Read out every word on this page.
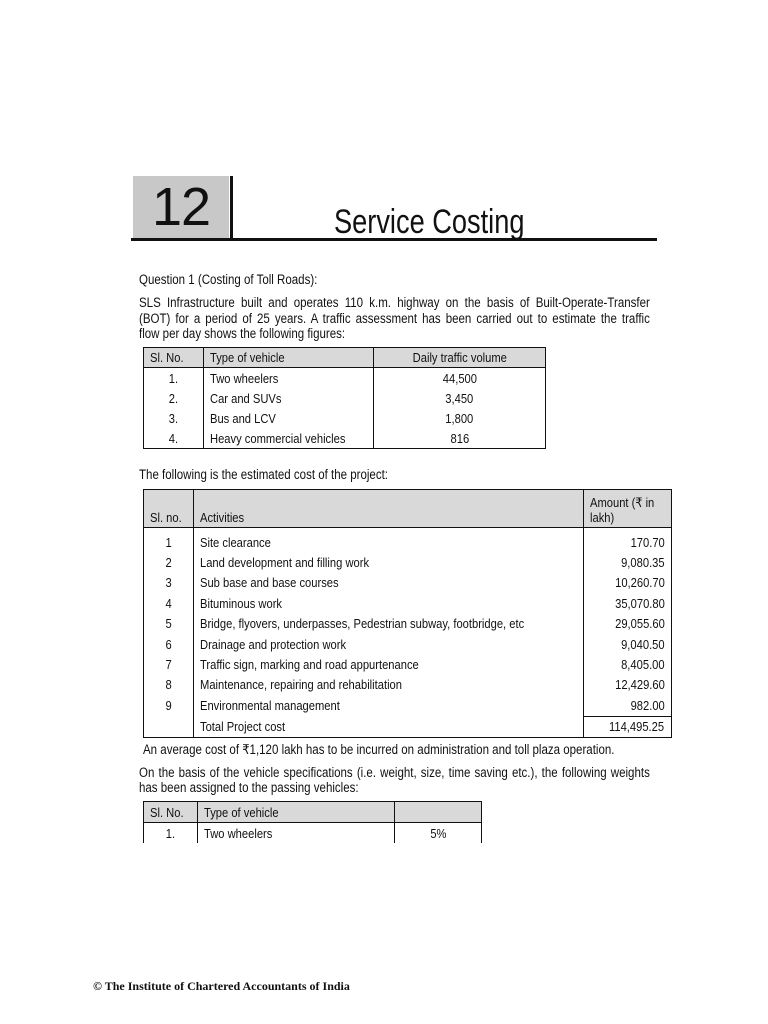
12	Service Costing
Question 1 (Costing of Toll Roads):
SLS Infrastructure built and operates 110 k.m. highway on the basis of Built-Operate-Transfer
(BOT) for a period of 25 years. A traffic assessment has been carried out to estimate the traffic
flow per day shows the following figures:
Sl. No.	Type of vehicle	Daily traffic volume
1.	Two wheelers	44,500
2.	Car and SUVs	3,450
3.	Bus and LCV	1,800
4.	Heavy commercial vehicles	816
The following is the estimated cost of the project:
Sl. no.	Activities	Amount (₹ in
lakh)
1	Site clearance	170.70
2	Land development and filling work	9,080.35
3	Sub base and base courses	10,260.70
4	Bituminous work	35,070.80
5	Bridge, flyovers, underpasses, Pedestrian subway, footbridge, etc	29,055.60
6	Drainage and protection work	9,040.50
7	Traffic sign, marking and road appurtenance	8,405.00
8	Maintenance, repairing and rehabilitation	12,429.60
9	Environmental management	982.00
	Total Project cost	114,495.25
An average cost of ₹1,120 lakh has to be incurred on administration and toll plaza operation.
On the basis of the vehicle specifications (i.e. weight, size, time saving etc.), the following weights
has been assigned to the passing vehicles:
Sl. No.	Type of vehicle	
1.	Two wheelers	5%
© The Institute of Chartered Accountants of India
